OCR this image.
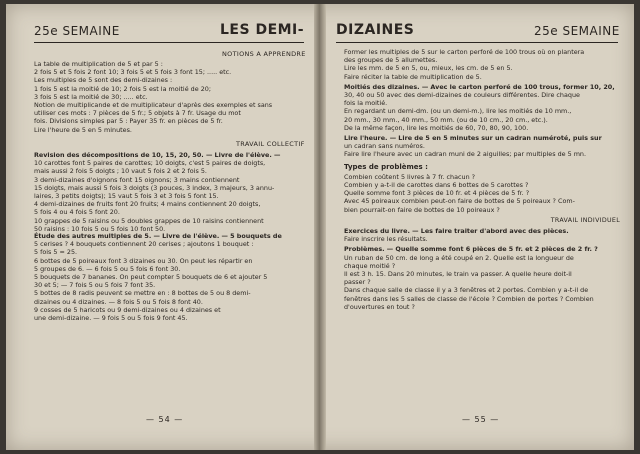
25e SEMAINE	LES DEMI-
NOTIONS A APPRENDRE

La table de multiplication de 5 et par 5 :

2 fois 5 et 5 fois 2 font 10; 3 fois 5 et 5 fois 3 font 15; ..... etc.

Les multiples de 5 sont des demi-dizaines :

1 fois 5 est la moitié de 10; 2 fois 5 est la moitié de 20;

3 fois 5 est la moitié de 30; ..... etc.

Notion de multiplicande et de multiplicateur d'après des exemples et sans

utiliser ces mots : 7 pièces de 5 fr.; 5 objets à 7 fr. Usage du mot

fois. Divisions simples par 5 : Payer 35 fr. en pièces de 5 fr.

Lire l'heure de 5 en 5 minutes.

TRAVAIL COLLECTIF

Revision des décompositions de 10, 15, 20, 50. — Livre de l'élève. —

10 carottes font 5 paires de carottes; 10 doigts, c'est 5 paires de doigts,

mais aussi 2 fois 5 doigts ; 10 vaut 5 fois 2 et 2 fois 5.

3 demi-dizaines d'oignons font 15 oignons; 3 mains contiennent

15 doigts, mais aussi 5 fois 3 doigts (3 pouces, 3 index, 3 majeurs, 3 annu-

laires, 3 petits doigts); 15 vaut 5 fois 3 et 3 fois 5 font 15.

4 demi-dizaines de fruits font 20 fruits; 4 mains contiennent 20 doigts,

5 fois 4 ou 4 fois 5 font 20.

10 grappes de 5 raisins ou 5 doubles grappes de 10 raisins contiennent

50 raisins : 10 fois 5 ou 5 fois 10 font 50.

Étude des autres multiples de 5. — Livre de l'élève. — 5 bouquets de

5 cerises ? 4 bouquets contiennent 20 cerises ; ajoutons 1 bouquet :

5 fois 5 = 25.

6 bottes de 5 poireaux font 3 dizaines ou 30. On peut les répartir en

5 groupes de 6. — 6 fois 5 ou 5 fois 6 font 30.

5 bouquets de 7 bananes. On peut compter 5 bouquets de 6 et ajouter 5

30 et 5; — 7 fois 5 ou 5 fois 7 font 35.

5 bottes de 8 radis peuvent se mettre en : 8 bottes de 5 ou 8 demi-

dizaines ou 4 dizaines. — 8 fois 5 ou 5 fois 8 font 40.

9 cosses de 5 haricots ou 9 demi-dizaines ou 4 dizaines et

une demi-dizaine. — 9 fois 5 ou 5 fois 9 font 45.

— 54 —
DIZAINES	25e SEMAINE

Former les multiples de 5 sur le carton perforé de 100 trous où on plantera

des groupes de 5 allumettes.

Lire les mm. de 5 en 5, ou, mieux, les cm. de 5 en 5.

Faire réciter la table de multiplication de 5.

Moitiés des dizaines. — Avec le carton perforé de 100 trous, former 10, 20,

30, 40 ou 50 avec des demi-dizaines de couleurs différentes. Dire chaque

fois la moitié.

En regardant un demi-dm. (ou un demi-m.), lire les moitiés de 10 mm.,

20 mm., 30 mm., 40 mm., 50 mm. (ou de 10 cm., 20 cm., etc.).

De la même façon, lire les moitiés de 60, 70, 80, 90, 100.

Lire l'heure. — Lire de 5 en 5 minutes sur un cadran numéroté, puis sur

un cadran sans numéros.

Faire lire l'heure avec un cadran muni de 2 aiguilles; par multiples de 5 mn.

Types de problèmes :

Combien coûtent 5 livres à 7 fr. chacun ?

Combien y a-t-il de carottes dans 6 bottes de 5 carottes ?

Quelle somme font 3 pièces de 10 fr. et 4 pièces de 5 fr. ?

Avec 45 poireaux combien peut-on faire de bottes de 5 poireaux ? Com-

bien pourrait-on faire de bottes de 10 poireaux ?

TRAVAIL INDIVIDUEL

Exercices du livre. — Les faire traiter d'abord avec des pièces.

Faire inscrire les résultats.

Problèmes. — Quelle somme font 6 pièces de 5 fr. et 2 pièces de 2 fr. ?

Un ruban de 50 cm. de long a été coupé en 2. Quelle est la longueur de

chaque moitié ?

Il est 3 h. 15. Dans 20 minutes, le train va passer. A quelle heure doit-il

passer ?

Dans chaque salle de classe il y a 3 fenêtres et 2 portes. Combien y a-t-il de

fenêtres dans les 5 salles de classe de l'école ? Combien de portes ? Combien

d'ouvertures en tout ?

— 55 —
